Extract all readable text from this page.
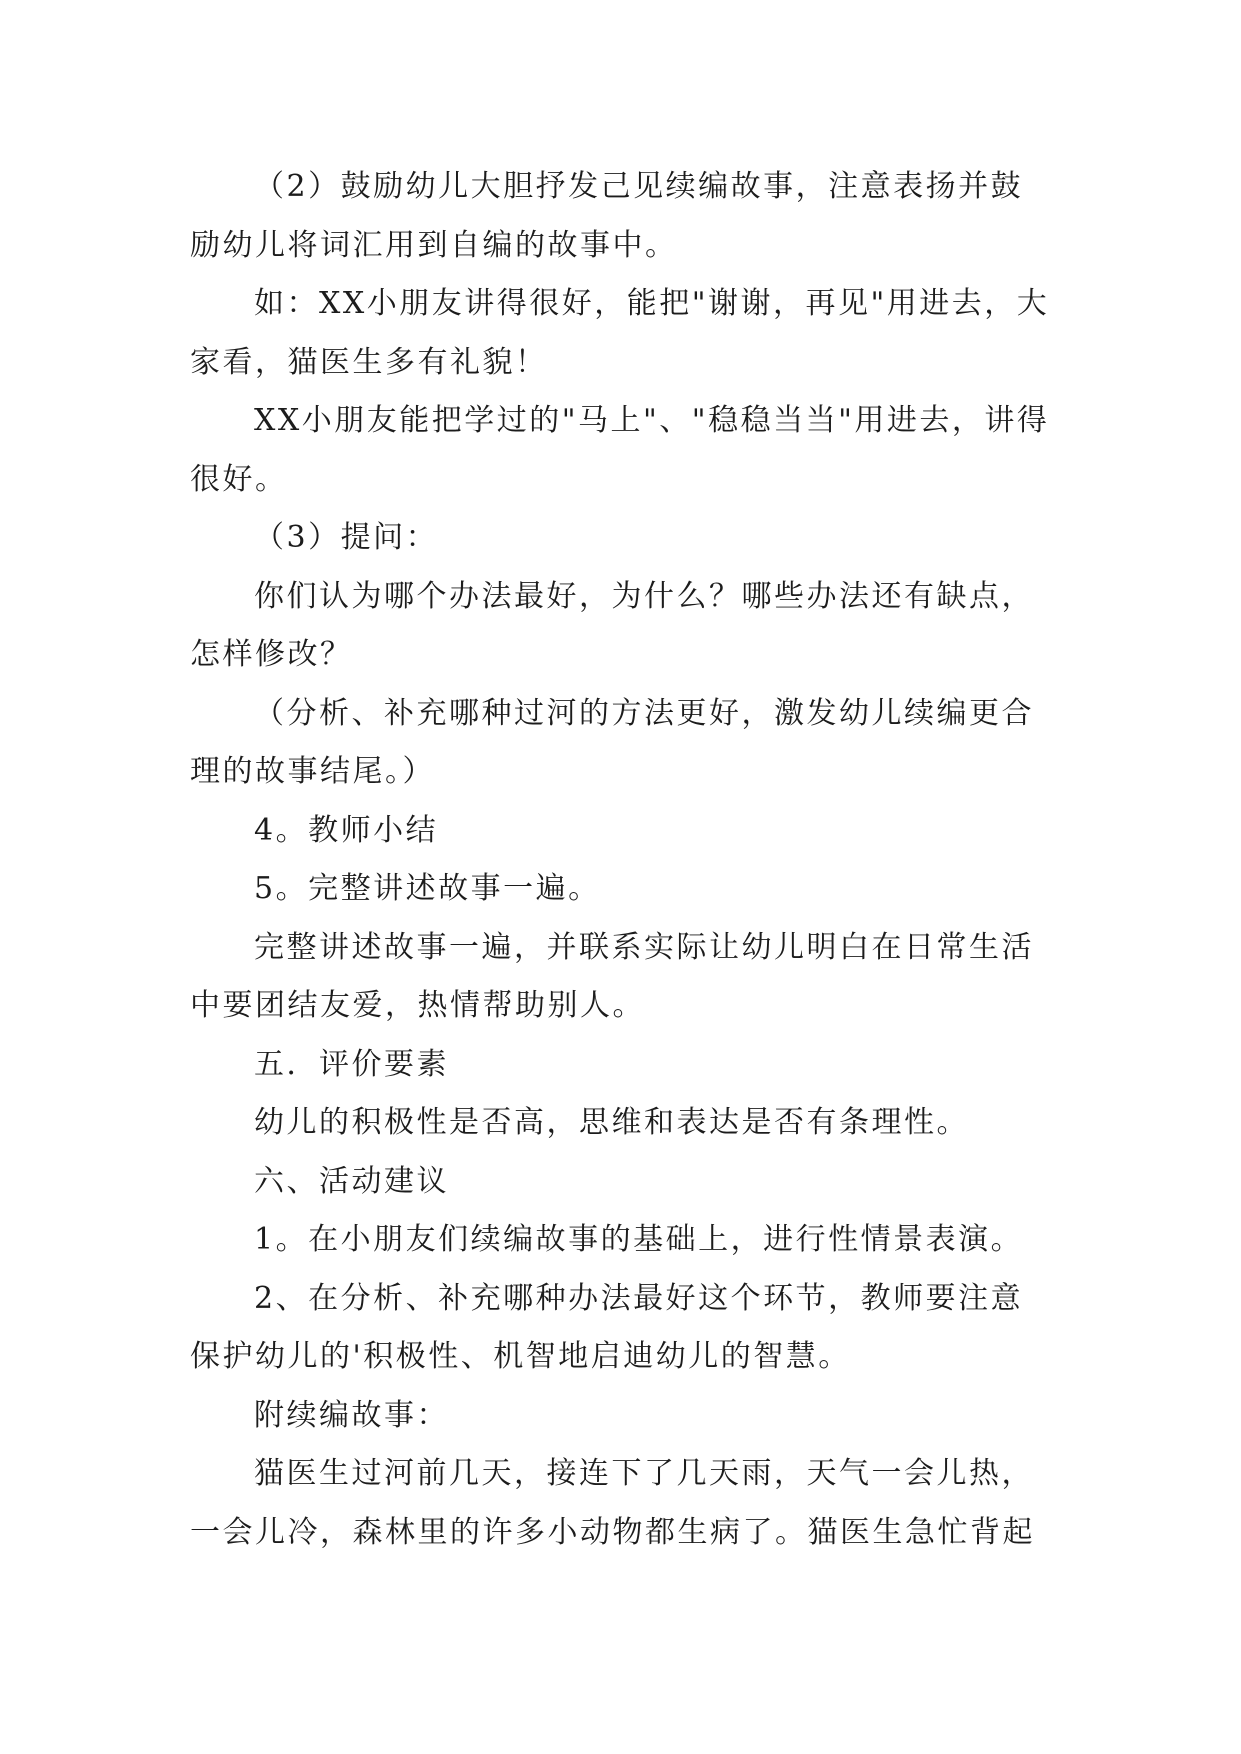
（2）鼓励幼儿大胆抒发己见续编故事，注意表扬并鼓励幼儿将词汇用到自编的故事中。

如：XX小朋友讲得很好，能把"谢谢，再见"用进去，大家看，猫医生多有礼貌！

XX小朋友能把学过的"马上"、"稳稳当当"用进去，讲得很好。

（3）提问：

你们认为哪个办法最好，为什么？哪些办法还有缺点，怎样修改？

（分析、补充哪种过河的方法更好，激发幼儿续编更合理的故事结尾。）

4。教师小结

5。完整讲述故事一遍。

完整讲述故事一遍，并联系实际让幼儿明白在日常生活中要团结友爱，热情帮助别人。

五．评价要素

幼儿的积极性是否高，思维和表达是否有条理性。

六、活动建议

1。在小朋友们续编故事的基础上，进行性情景表演。

2、在分析、补充哪种办法最好这个环节，教师要注意保护幼儿的'积极性、机智地启迪幼儿的智慧。

附续编故事：

猫医生过河前几天，接连下了几天雨，天气一会儿热，一会儿冷，森林里的许多小动物都生病了。猫医生急忙背起
